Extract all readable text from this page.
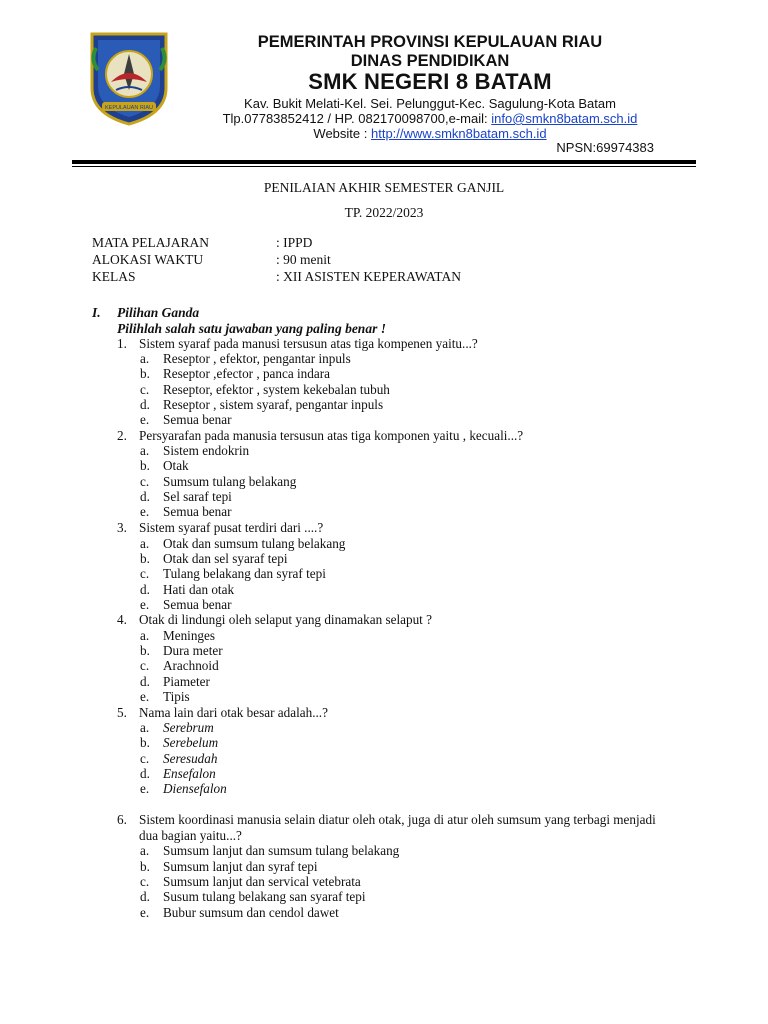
KEPULAUAN RIAU
PEMERINTAH PROVINSI KEPULAUAN RIAU
DINAS PENDIDIKAN
SMK NEGERI 8 BATAM
Kav. Bukit Melati-Kel. Sei. Pelunggut-Kec. Sagulung-Kota Batam
Tlp.07783852412 / HP. 082170098700,e-mail: info@smkn8batam.sch.id
Website : http://www.smkn8batam.sch.id
NPSN:69974383
PENILAIAN AKHIR SEMESTER GANJIL
TP. 2022/2023
MATA PELAJARAN	: IPPD
ALOKASI WAKTU	: 90 menit
KELAS	: XII ASISTEN KEPERAWATAN
I. Pilihan Ganda
Pilihlah salah satu jawaban yang paling benar !
1. Sistem syaraf pada manusi tersusun atas tiga kompenen yaitu...?
a. Reseptor , efektor, pengantar inpuls
b. Reseptor ,efector , panca indara
c. Reseptor, efektor , system kekebalan tubuh
d. Reseptor , sistem syaraf, pengantar inpuls
e. Semua benar
2. Persyarafan pada manusia tersusun atas tiga komponen yaitu , kecuali...?
a. Sistem endokrin
b. Otak
c. Sumsum tulang belakang
d. Sel saraf tepi
e. Semua benar
3. Sistem syaraf pusat terdiri dari ....?
a. Otak dan sumsum tulang belakang
b. Otak dan sel syaraf tepi
c. Tulang belakang dan syraf tepi
d. Hati dan otak
e. Semua benar
4. Otak di lindungi oleh selaput yang dinamakan selaput ?
a. Meninges
b. Dura meter
c. Arachnoid
d. Piameter
e. Tipis
5. Nama lain dari otak besar adalah...?
a. Serebrum
b. Serebelum
c. Seresudah
d. Ensefalon
e. Diensefalon
6. Sistem koordinasi manusia selain diatur oleh otak, juga di atur oleh sumsum yang terbagi menjadi dua bagian yaitu...?
a. Sumsum lanjut dan sumsum tulang belakang
b. Sumsum lanjut dan syraf tepi
c. Sumsum lanjut dan servical vetebrata
d. Susum tulang belakang san syaraf tepi
e. Bubur sumsum dan cendol dawet
